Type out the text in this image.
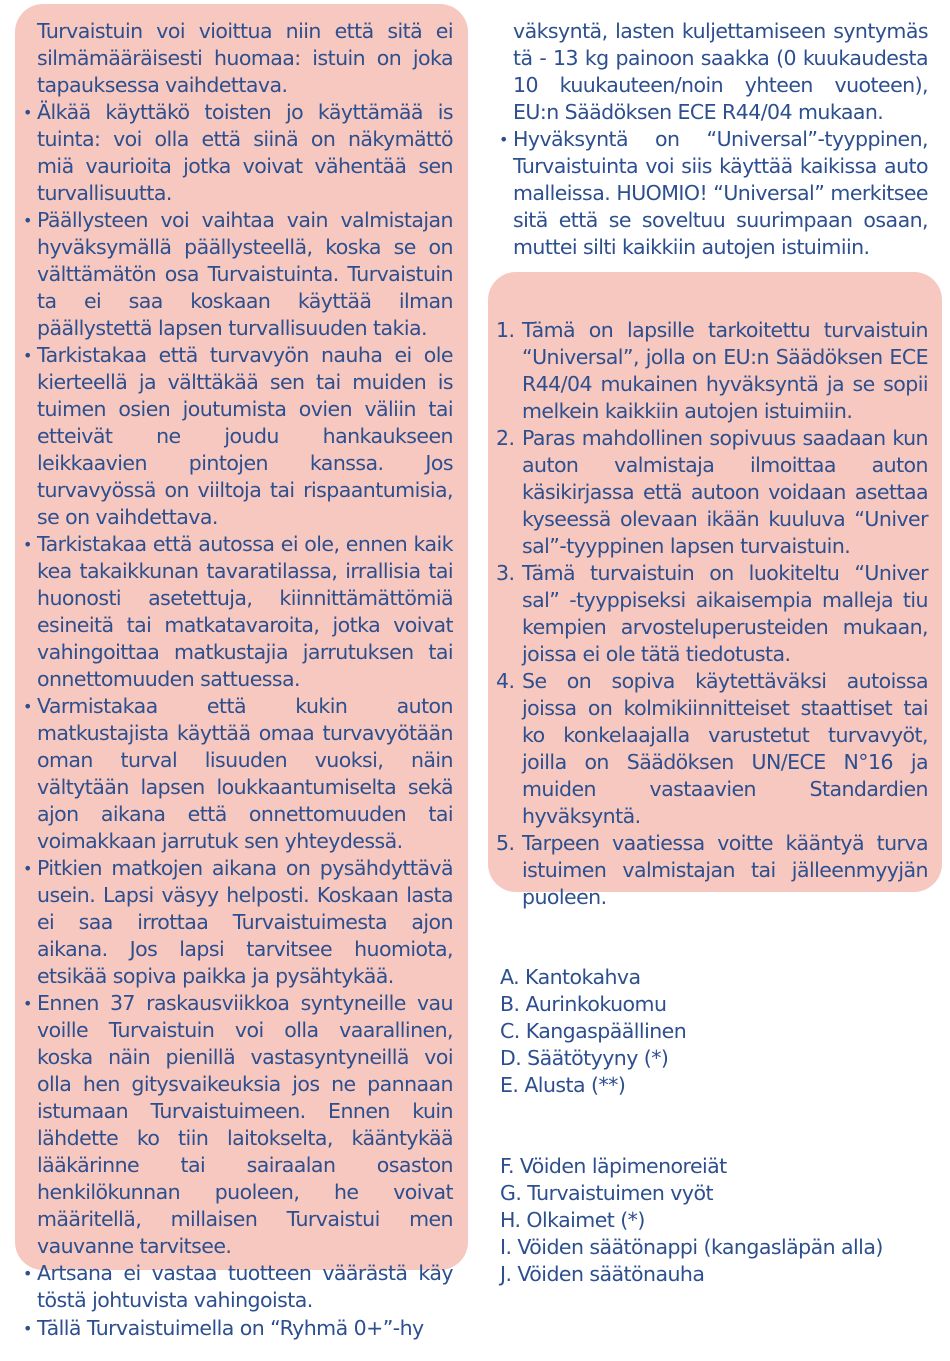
Turvaistuin voi vioittua niin että sitä ei silmämääräisesti huomaa: istuin on joka tapauksessa vaihdettava.
• Älkää käyttäkö toisten jo käyttämää is tuinta: voi olla että siinä on näkymättö miä vaurioita jotka voivat vähentää sen turvallisuutta.
• Päällysteen voi vaihtaa vain valmistajan hyväksymällä päällysteellä, koska se on välttämätön osa Turvaistuinta. Turvaistuin ta ei saa koskaan käyttää ilman päällystettä lapsen turvallisuuden takia.
• Tarkistakaa että turvavyön nauha ei ole kierteellä ja välttäkää sen tai muiden is tuimen osien joutumista ovien väliin tai etteivät ne joudu hankaukseen leikkaavien pintojen kanssa. Jos turvavyössä on viiltoja tai rispaantumisia, se on vaihdettava.
• Tarkistakaa että autossa ei ole, ennen kaik kea takaikkunan tavaratilassa, irrallisia tai huonosti asetettuja, kiinnittämättömiä esineitä tai matkatavaroita, jotka voivat vahingoittaa matkustajia jarrutuksen tai onnettomuuden sattuessa.
• Varmistakaa että kukin auton matkustajista käyttää omaa turvavyötään oman turval lisuuden vuoksi, näin vältytään lapsen loukkaantumiselta sekä ajon aikana että onnettomuuden tai voimakkaan jarrutuk sen yhteydessä.
• Pitkien matkojen aikana on pysähdyttävä usein. Lapsi väsyy helposti. Koskaan lasta ei saa irrottaa Turvaistuimesta ajon aikana. Jos lapsi tarvitsee huomiota, etsikää sopiva paikka ja pysähtykää.
• Ennen 37 raskausviikkoa syntyneille vau voille Turvaistuin voi olla vaarallinen, koska näin pienillä vastasyntyneillä voi olla hen gitysvaikeuksia jos ne pannaan istumaan Turvaistuimeen. Ennen kuin lähdette ko tiin laitokselta, kääntykää lääkärinne tai sairaalan osaston henkilökunnan puoleen, he voivat määritellä, millaisen Turvaistui men vauvanne tarvitsee.
• Artsana ei vastaa tuotteen väärästä käy töstä johtuvista vahingoista.
• Tällä Turvaistuimella on “Ryhmä 0+”-hy
väksyntä, lasten kuljettamiseen syntymäs tä - 13 kg painoon saakka (0 kuukaudesta 10 kuukauteen/noin yhteen vuoteen), EU:n Säädöksen ECE R44/04 mukaan.
• Hyväksyntä on “Universal”-tyyppinen, Turvaistuinta voi siis käyttää kaikissa auto malleissa. HUOMIO! “Universal” merkitsee sitä että se soveltuu suurimpaan osaan, muttei silti kaikkiin autojen istuimiin.
1. Tämä on lapsille tarkoitettu turvaistuin “Universal”, jolla on EU:n Säädöksen ECE R44/04 mukainen hyväksyntä ja se sopii melkein kaikkiin autojen istuimiin.
2. Paras mahdollinen sopivuus saadaan kun auton valmistaja ilmoittaa auton käsikirjassa että autoon voidaan asettaa kyseessä olevaan ikään kuuluva “Univer sal”-tyyppinen lapsen turvaistuin.
3. Tämä turvaistuin on luokiteltu “Univer sal” -tyyppiseksi aikaisempia malleja tiu kempien arvosteluperusteiden mukaan, joissa ei ole tätä tiedotusta.
4. Se on sopiva käytettäväksi autoissa joissa on kolmikiinnitteiset staattiset tai ko konkelaajalla varustetut turvavyöt, joilla on Säädöksen UN/ECE N°16 ja muiden vastaavien Standardien hyväksyntä.
5. Tarpeen vaatiessa voitte kääntyä turva istuimen valmistajan tai jälleenmyyjän puoleen.
A. Kantokahva
B. Aurinkokuomu
C. Kangaspäällinen
D. Säätötyyny (*)
E. Alusta (**)
F. Vöiden läpimenoreiät
G. Turvaistuimen vyöt
H. Olkaimet (*)
I. Vöiden säätönappi (kangasläpän alla)
J. Vöiden säätönauha
